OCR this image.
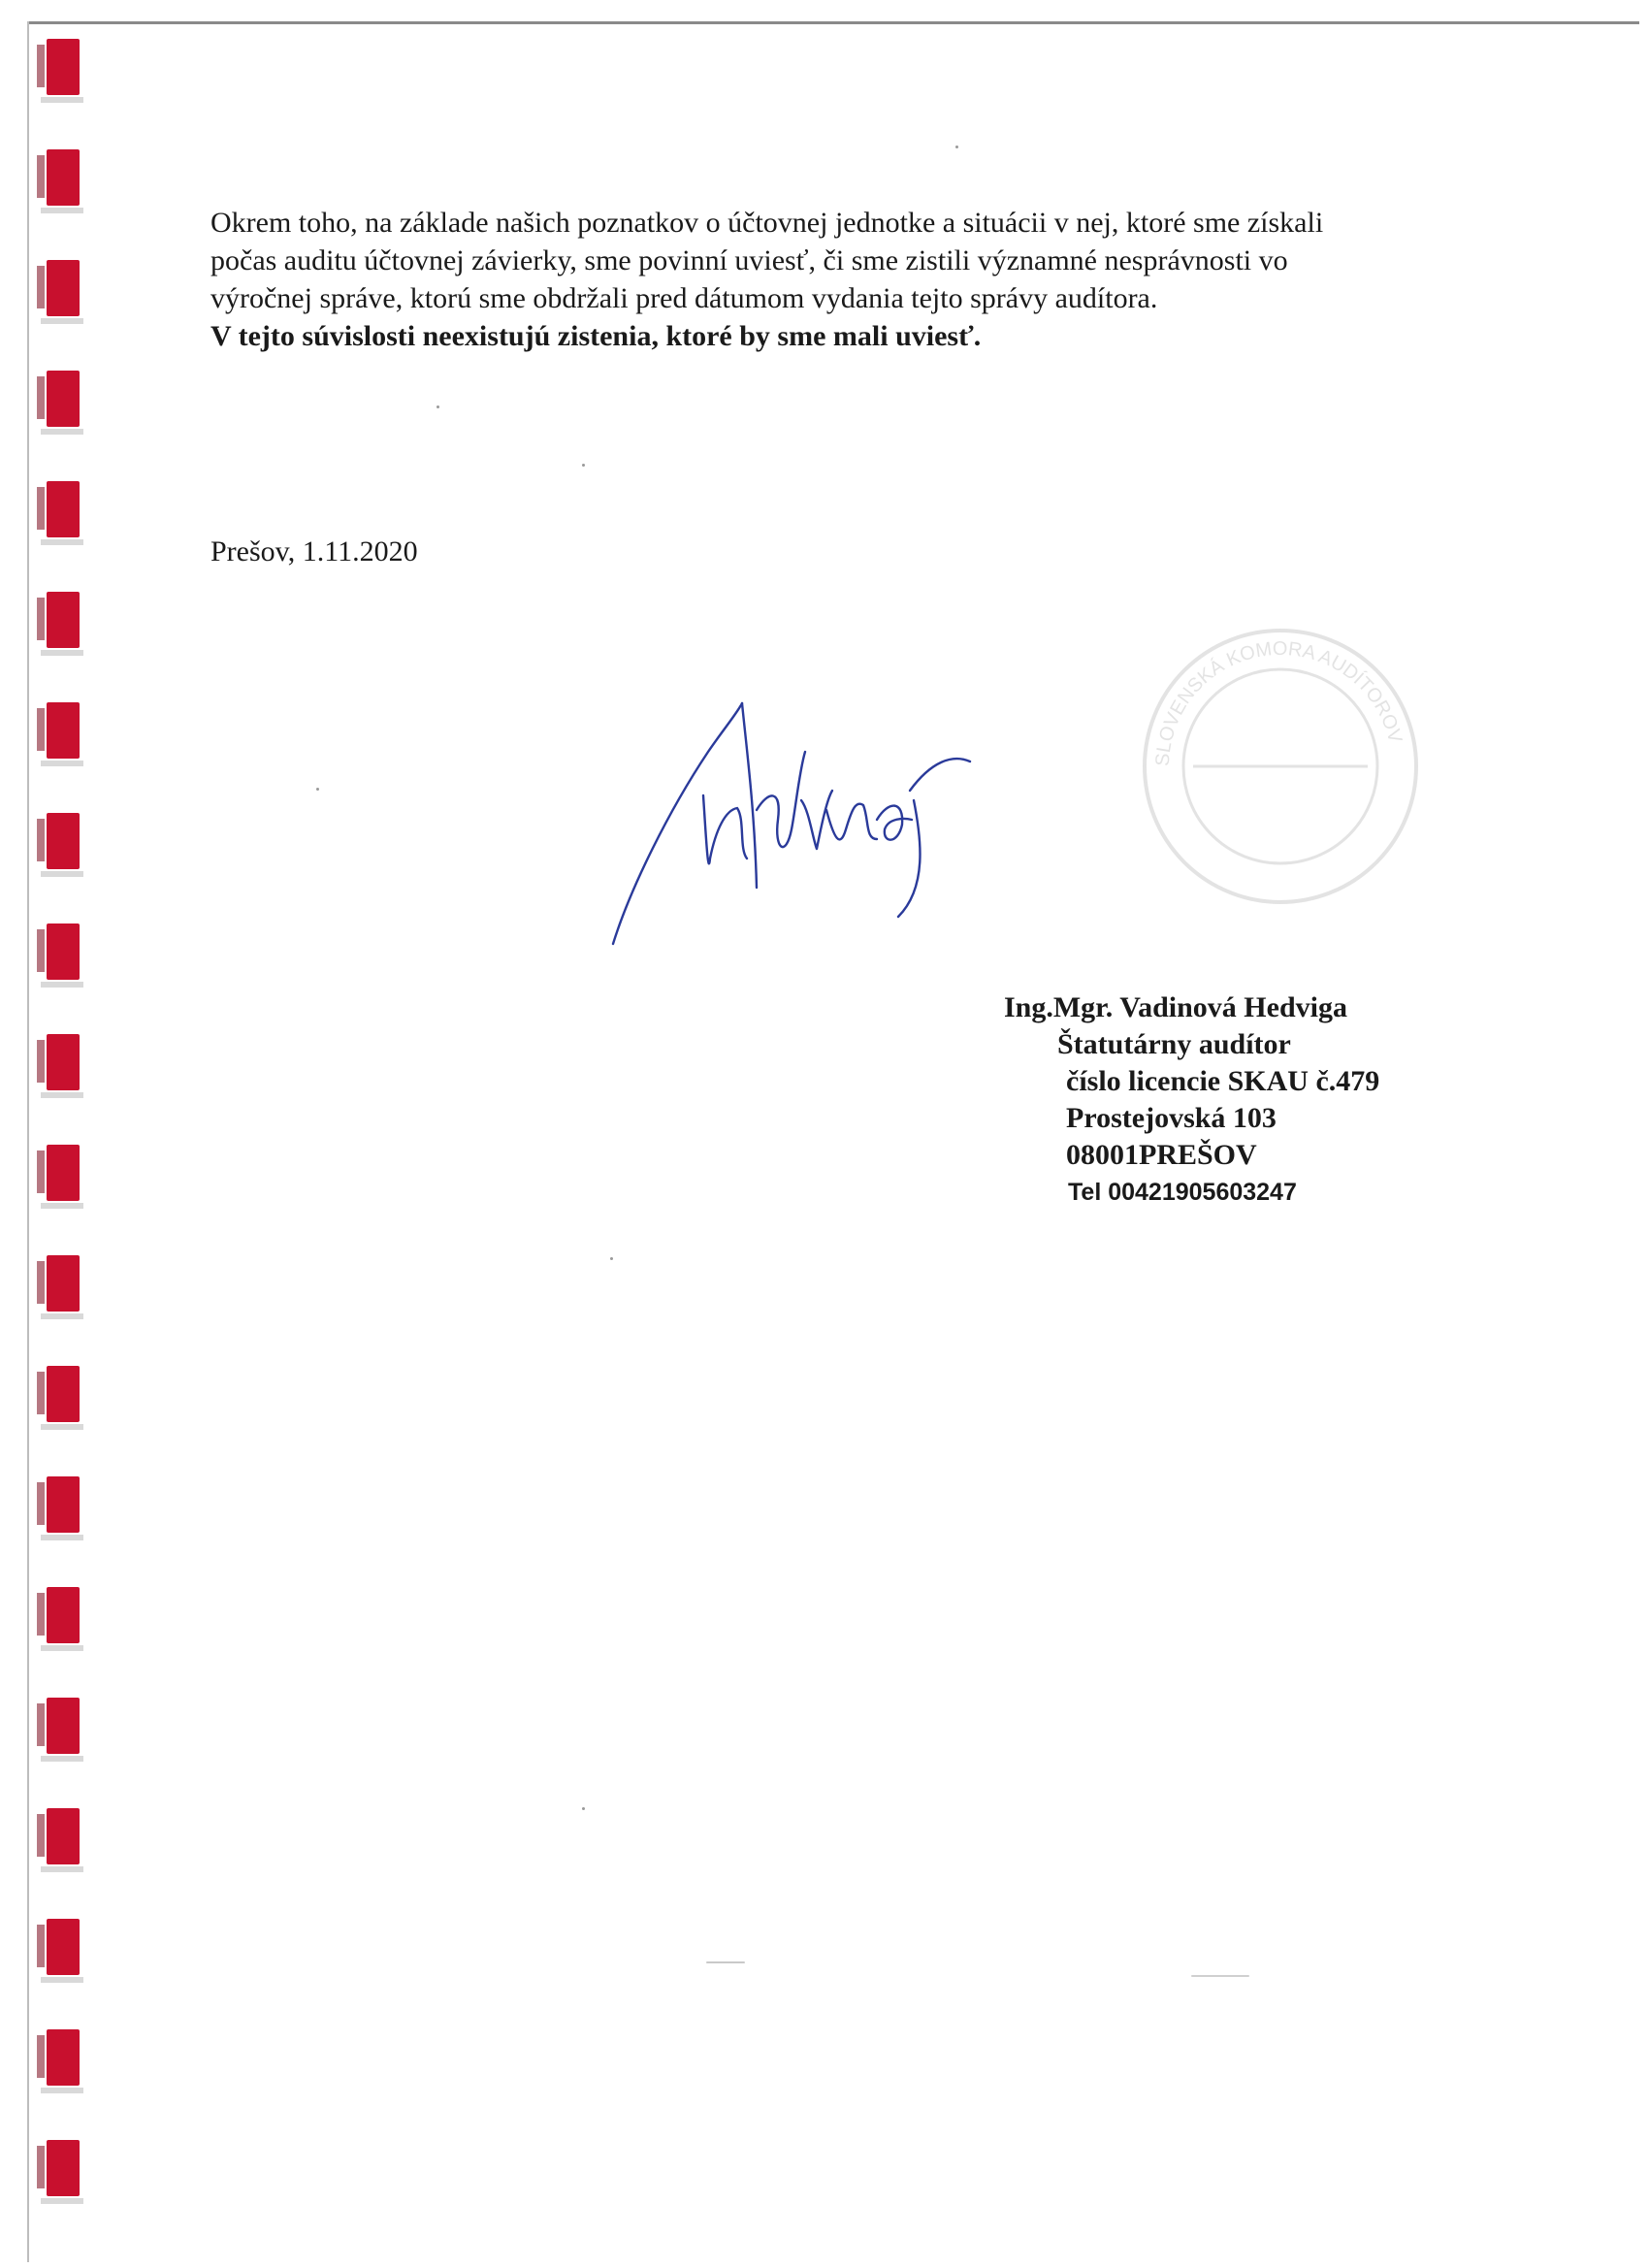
Okrem toho, na základe našich poznatkov o účtovnej jednotke a situácii v nej, ktoré sme získali
počas auditu účtovnej závierky, sme povinní uviesť, či sme zistili významné nesprávnosti vo
výročnej správe, ktorú sme obdržali pred dátumom vydania tejto správy audítora.
V tejto súvislosti neexistujú zistenia, ktoré by sme mali uviesť.
Prešov, 1.11.2020
SLOVENSKÁ KOMORA AUDÍTOROV
Ing.Mgr. Vadinová Hedviga
Štatutárny audítor
číslo licencie SKAU č.479
Prostejovská 103
08001PREŠOV
Tel 00421905603247
